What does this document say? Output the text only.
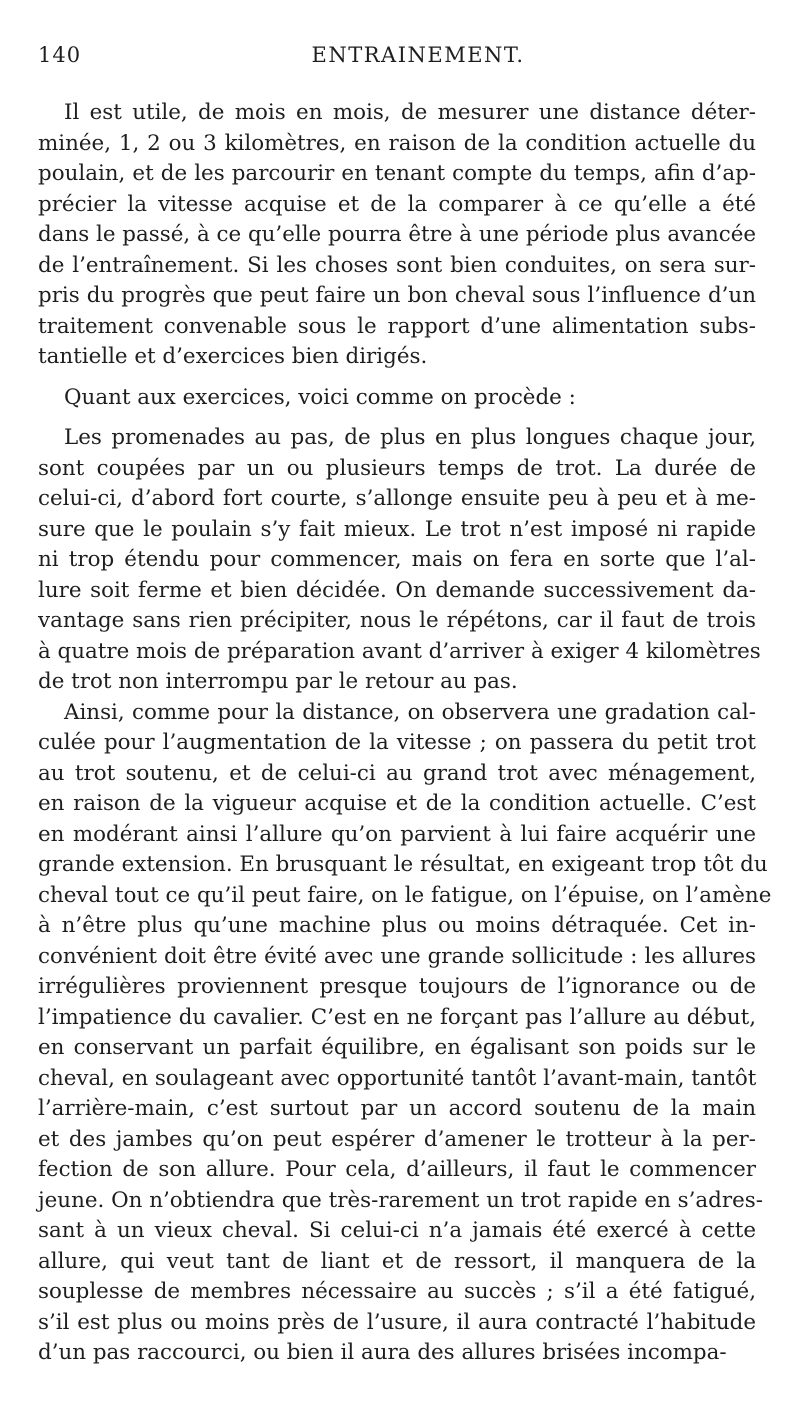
140	ENTRAINEMENT.
Il est utile, de mois en mois, de mesurer une distance déter-
minée, 1, 2 ou 3 kilomètres, en raison de la condition actuelle du
poulain, et de les parcourir en tenant compte du temps, afin d’ap-
précier la vitesse acquise et de la comparer à ce qu’elle a été
dans le passé, à ce qu’elle pourra être à une période plus avancée
de l’entraînement. Si les choses sont bien conduites, on sera sur-
pris du progrès que peut faire un bon cheval sous l’influence d’un
traitement convenable sous le rapport d’une alimentation subs-
tantielle et d’exercices bien dirigés.
Quant aux exercices, voici comme on procède :
Les promenades au pas, de plus en plus longues chaque jour,
sont coupées par un ou plusieurs temps de trot. La durée de
celui-ci, d’abord fort courte, s’allonge ensuite peu à peu et à me-
sure que le poulain s’y fait mieux. Le trot n’est imposé ni rapide
ni trop étendu pour commencer, mais on fera en sorte que l’al-
lure soit ferme et bien décidée. On demande successivement da-
vantage sans rien précipiter, nous le répétons, car il faut de trois
à quatre mois de préparation avant d’arriver à exiger 4 kilomètres
de trot non interrompu par le retour au pas.
Ainsi, comme pour la distance, on observera une gradation cal-
culée pour l’augmentation de la vitesse ; on passera du petit trot
au trot soutenu, et de celui-ci au grand trot avec ménagement,
en raison de la vigueur acquise et de la condition actuelle. C’est
en modérant ainsi l’allure qu’on parvient à lui faire acquérir une
grande extension. En brusquant le résultat, en exigeant trop tôt du
cheval tout ce qu’il peut faire, on le fatigue, on l’épuise, on l’amène
à n’être plus qu’une machine plus ou moins détraquée. Cet in-
convénient doit être évité avec une grande sollicitude : les allures
irrégulières proviennent presque toujours de l’ignorance ou de
l’impatience du cavalier. C’est en ne forçant pas l’allure au début,
en conservant un parfait équilibre, en égalisant son poids sur le
cheval, en soulageant avec opportunité tantôt l’avant-main, tantôt
l’arrière-main, c’est surtout par un accord soutenu de la main
et des jambes qu’on peut espérer d’amener le trotteur à la per-
fection de son allure. Pour cela, d’ailleurs, il faut le commencer
jeune. On n’obtiendra que très-rarement un trot rapide en s’adres-
sant à un vieux cheval. Si celui-ci n’a jamais été exercé à cette
allure, qui veut tant de liant et de ressort, il manquera de la
souplesse de membres nécessaire au succès ; s’il a été fatigué,
s’il est plus ou moins près de l’usure, il aura contracté l’habitude
d’un pas raccourci, ou bien il aura des allures brisées incompa-
